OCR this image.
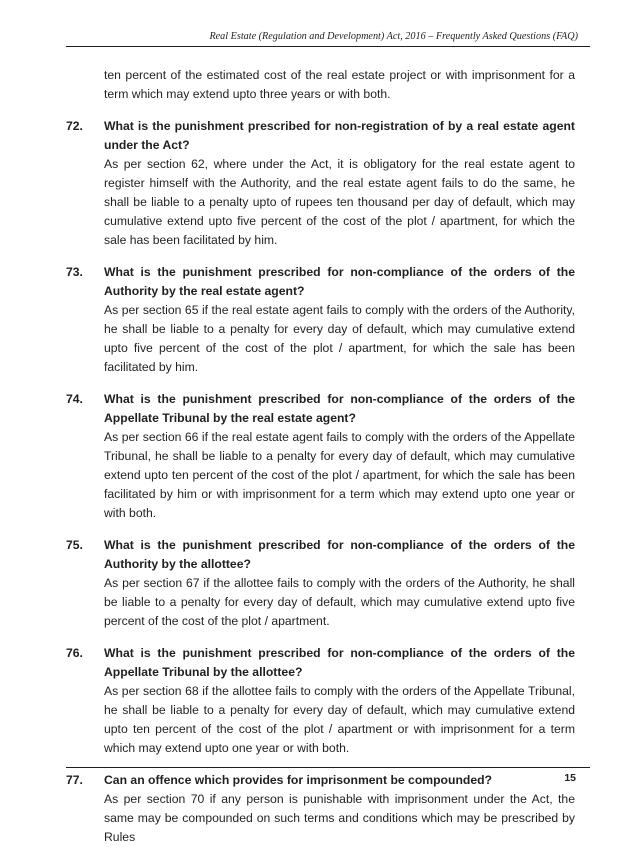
Real Estate (Regulation and Development) Act, 2016 – Frequently Asked Questions (FAQ)

ten percent of the estimated cost of the real estate project or with imprisonment for a term which may extend upto three years or with both.

72.	What is the punishment prescribed for non-registration of by a real estate agent under the Act?

As per section 62, where under the Act, it is obligatory for the real estate agent to register himself with the Authority, and the real estate agent fails to do the same, he shall be liable to a penalty upto of rupees ten thousand per day of default, which may cumulative extend upto five percent of the cost of the plot / apartment, for which the sale has been facilitated by him.

73.	What is the punishment prescribed for non-compliance of the orders of the Authority by the real estate agent?

As per section 65 if the real estate agent fails to comply with the orders of the Authority, he shall be liable to a penalty for every day of default, which may cumulative extend upto five percent of the cost of the plot / apartment, for which the sale has been facilitated by him.

74.	What is the punishment prescribed for non-compliance of the orders of the Appellate Tribunal by the real estate agent?

As per section 66 if the real estate agent fails to comply with the orders of the Appellate Tribunal, he shall be liable to a penalty for every day of default, which may cumulative extend upto ten percent of the cost of the plot / apartment, for which the sale has been facilitated by him or with imprisonment for a term which may extend upto one year or with both.

75.	What is the punishment prescribed for non-compliance of the orders of the Authority by the allottee?

As per section 67 if the allottee fails to comply with the orders of the Authority, he shall be liable to a penalty for every day of default, which may cumulative extend upto five percent of the cost of the plot / apartment.

76.	What is the punishment prescribed for non-compliance of the orders of the Appellate Tribunal by the allottee?

As per section 68 if the allottee fails to comply with the orders of the Appellate Tribunal, he shall be liable to a penalty for every day of default, which may cumulative extend upto ten percent of the cost of the plot / apartment or with imprisonment for a term which may extend upto one year or with both.

77.	Can an offence which provides for imprisonment be compounded?

As per section 70 if any person is punishable with imprisonment under the Act, the same may be compounded on such terms and conditions which may be prescribed by Rules

15
